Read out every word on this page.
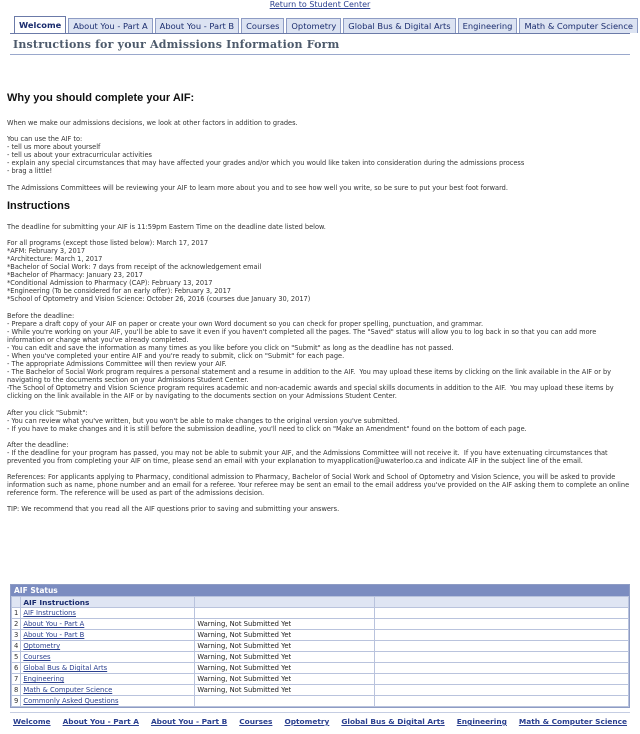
Return to Student Center
Welcome	About You - Part A	About You - Part B	Courses	Optometry	Global Bus & Digital Arts	Engineering	Math & Computer Science
Instructions for your Admissions Information Form
Why you should complete your AIF:
When we make our admissions decisions, we look at other factors in addition to grades.
You can use the AIF to:
- tell us more about yourself
- tell us about your extracurricular activities
- explain any special circumstances that may have affected your grades and/or which you would like taken into consideration during the admissions process
- brag a little!
The Admissions Committees will be reviewing your AIF to learn more about you and to see how well you write, so be sure to put your best foot forward.
Instructions
The deadline for submitting your AIF is 11:59pm Eastern Time on the deadline date listed below.
For all programs (except those listed below): March 17, 2017
*AFM: February 3, 2017
*Architecture: March 1, 2017
*Bachelor of Social Work: 7 days from receipt of the acknowledgement email
*Bachelor of Pharmacy: January 23, 2017
*Conditional Admission to Pharmacy (CAP): February 13, 2017
*Engineering (To be considered for an early offer): February 3, 2017
*School of Optometry and Vision Science: October 26, 2016 (courses due January 30, 2017)
Before the deadline:
- Prepare a draft copy of your AIF on paper or create your own Word document so you can check for proper spelling, punctuation, and grammar.
- While you're working on your AIF, you'll be able to save it even if you haven't completed all the pages. The "Saved" status will allow you to log back in so that you can add more information or change what you've already completed.
- You can edit and save the information as many times as you like before you click on "Submit" as long as the deadline has not passed.
- When you've completed your entire AIF and you're ready to submit, click on "Submit" for each page.
- The appropriate Admissions Committee will then review your AIF.
- The Bachelor of Social Work program requires a personal statement and a resume in addition to the AIF.  You may upload these items by clicking on the link available in the AIF or by navigating to the documents section on your Admissions Student Center.
-The School of Optometry and Vision Science program requires academic and non-academic awards and special skills documents in addition to the AIF.  You may upload these items by clicking on the link available in the AIF or by navigating to the documents section on your Admissions Student Center.
After you click "Submit":
- You can review what you've written, but you won't be able to make changes to the original version you've submitted.
- If you have to make changes and it is still before the submission deadline, you'll need to click on "Make an Amendment" found on the bottom of each page.
After the deadline:
- If the deadline for your program has passed, you may not be able to submit your AIF, and the Admissions Committee will not receive it.  If you have extenuating circumstances that prevented you from completing your AIF on time, please send an email with your explanation to myapplication@uwaterloo.ca and indicate AIF in the subject line of the email.
References: For applicants applying to Pharmacy, conditional admission to Pharmacy, Bachelor of Social Work and School of Optometry and Vision Science, you will be asked to provide information such as name, phone number and an email for a referee. Your referee may be sent an email to the email address you've provided on the AIF asking them to complete an online reference form. The reference will be used as part of the admissions decision.
TIP: We recommend that you read all the AIF questions prior to saving and submitting your answers.
AIF Status
	AIF Instructions		
1	AIF Instructions		
2	About You - Part A	Warning, Not Submitted Yet	
3	About You - Part B	Warning, Not Submitted Yet	
4	Optometry	Warning, Not Submitted Yet	
5	Courses	Warning, Not Submitted Yet	
6	Global Bus & Digital Arts	Warning, Not Submitted Yet	
7	Engineering	Warning, Not Submitted Yet	
8	Math & Computer Science	Warning, Not Submitted Yet	
9	Commonly Asked Questions		
Welcome About You - Part A About You - Part B Courses Optometry Global Bus & Digital Arts Engineering Math & Computer Science
